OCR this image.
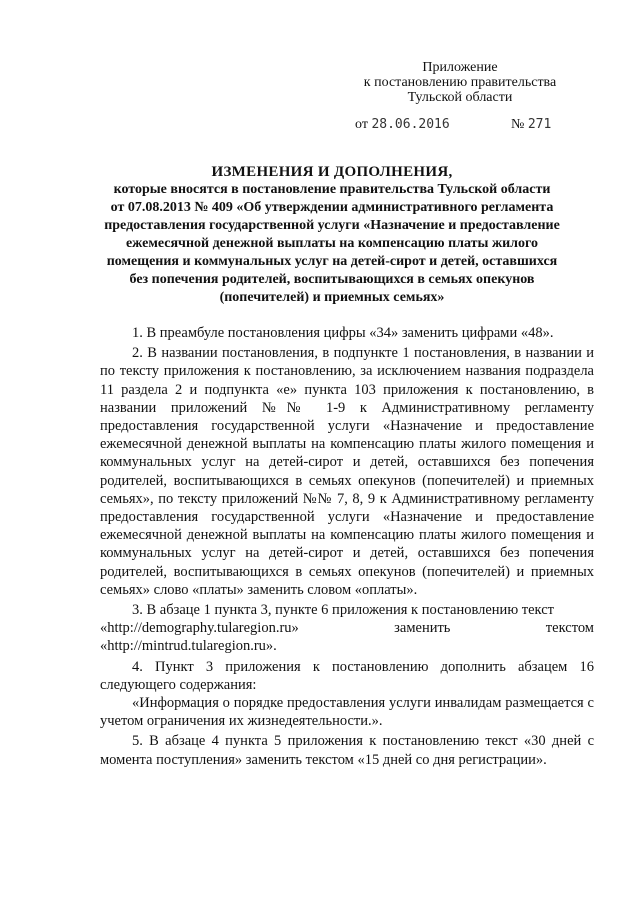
Приложение
к постановлению правительства
Тульской области
от 28.06.2016	№ 271
ИЗМЕНЕНИЯ И ДОПОЛНЕНИЯ,
которые вносятся в постановление правительства Тульской области
от 07.08.2013 № 409 «Об утверждении административного регламента
предоставления государственной услуги «Назначение и предоставление
ежемесячной денежной выплаты на компенсацию платы жилого
помещения и коммунальных услуг на детей-сирот и детей, оставшихся
без попечения родителей, воспитывающихся в семьях опекунов
(попечителей) и приемных семьях»

1. В преамбуле постановления цифры «34» заменить цифрами «48».

2. В названии постановления, в подпункте 1 постановления, в названии и по тексту приложения к постановлению, за исключением названия подраздела 11 раздела 2 и подпункта «е» пункта 103 приложения к постановлению, в названии приложений №№ 1-9 к Административному регламенту предоставления государственной услуги «Назначение и предоставление ежемесячной денежной выплаты на компенсацию платы жилого помещения и коммунальных услуг на детей-сирот и детей, оставшихся без попечения родителей, воспитывающихся в семьях опекунов (попечителей) и приемных семьях», по тексту приложений №№ 7, 8, 9 к Административному регламенту предоставления государственной услуги «Назначение и предоставление ежемесячной денежной выплаты на компенсацию платы жилого помещения и коммунальных услуг на детей-сирот и детей, оставшихся без попечения родителей, воспитывающихся в семьях опекунов (попечителей) и приемных семьях» слово «платы» заменить словом «оплаты».

3. В абзаце 1 пункта 3, пункте 6 приложения к постановлению текст

«http://demography.tularegion.ru»	заменить	текстом
«http://mintrud.tularegion.ru».

4. Пункт 3 приложения к постановлению дополнить абзацем 16 следующего содержания:

«Информация о порядке предоставления услуги инвалидам размещается с учетом ограничения их жизнедеятельности.».

5. В абзаце 4 пункта 5 приложения к постановлению текст «30 дней с момента поступления» заменить текстом «15 дней со дня регистрации».
